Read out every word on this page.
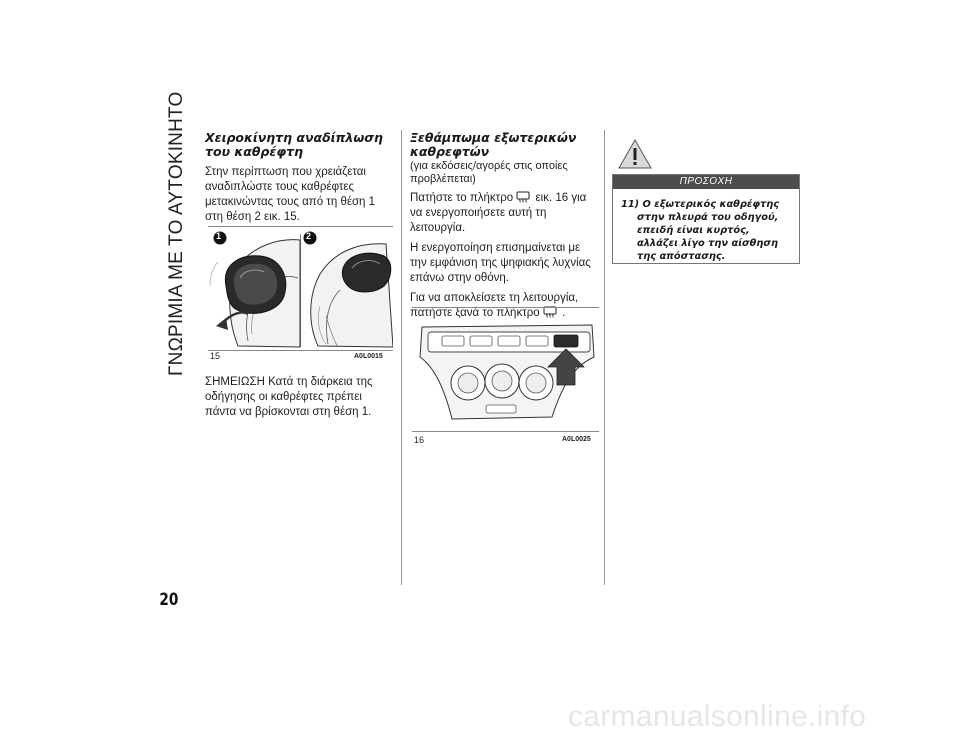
ΓΝΩΡΙΜΙΑ ΜΕ ΤΟ ΑΥΤΟΚΙΝΗΤΟ Χειροκίνητη αναδίπλωση του καθρέφτη

Στην περίπτωση που χρειάζεται αναδιπλώστε τους καθρέφτες μετακινώντας τους από τη θέση 1 στη θέση 2 εικ. 15.

1	2
15	A0L0015

ΣΗΜΕΙΩΣΗ Κατά τη διάρκεια της οδήγησης οι καθρέφτες πρέπει πάντα να βρίσκονται στη θέση 1.

Ξεθάμπωμα εξωτερικών καθρεφτών

(για εκδόσεις/αγορές στις οποίες προβλέπεται)

Πατήστε το πλήκτρο εικ. 16 για να ενεργοποιήσετε αυτή τη λειτουργία.

Η ενεργοποίηση επισημαίνεται με την εμφάνιση της ψηφιακής λυχνίας επάνω στην οθόνη.

Για να αποκλείσετε τη λειτουργία, πατήστε ξανά το πλήκτρο .

16	A0L0025
ΠΡΟΣΟΧΗ
11) Ο εξωτερικός καθρέφτης στην πλευρά του οδηγού, επειδή είναι κυρτός, αλλάζει λίγο την αίσθηση της απόστασης.
20
carmanualsonline.info
